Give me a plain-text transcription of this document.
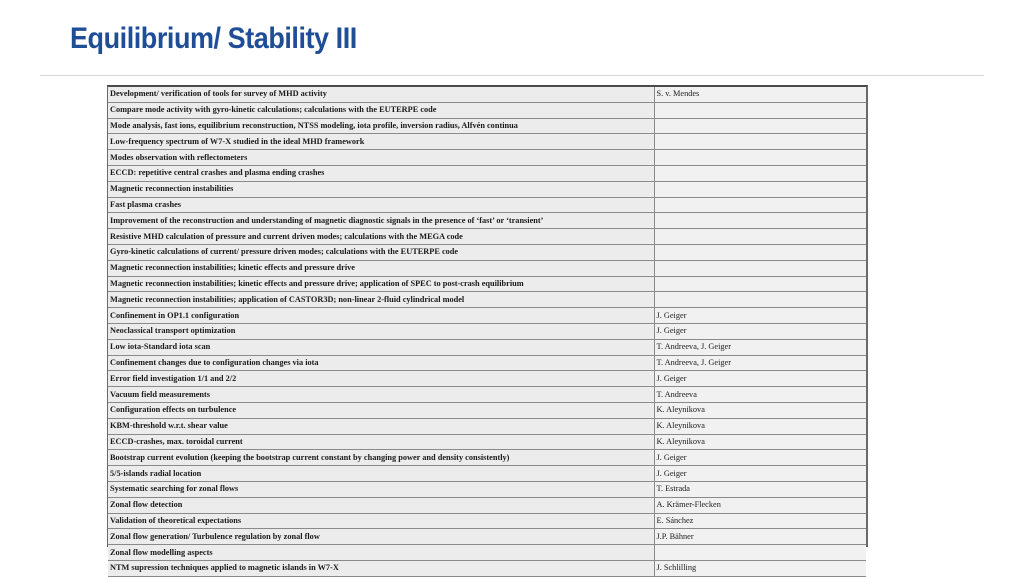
Equilibrium/ Stability III
Development/ verification of tools for survey of MHD activity	S. v. Mendes
Compare mode activity with gyro-kinetic calculations; calculations with the EUTERPE code	
Mode analysis, fast ions, equilibrium reconstruction, NTSS modeling, iota profile, inversion radius, Alfvén continua	
Low-frequency spectrum of W7-X studied in the ideal MHD framework	
Modes observation with reflectometers	
ECCD: repetitive central crashes and plasma ending crashes	
Magnetic reconnection instabilities	
Fast plasma crashes	
Improvement of the reconstruction and understanding of magnetic diagnostic signals in the presence of ‘fast’ or ‘transient’	
Resistive MHD calculation of pressure and current driven modes; calculations with the MEGA code	
Gyro-kinetic calculations of current/ pressure driven modes; calculations with the EUTERPE code	
Magnetic reconnection instabilities; kinetic effects and pressure drive	
Magnetic reconnection instabilities; kinetic effects and pressure drive; application of SPEC to post-crash equilibrium	
Magnetic reconnection instabilities; application of CASTOR3D; non-linear 2-fluid cylindrical model	
Confinement in OP1.1 configuration	J. Geiger
Neoclassical transport optimization	J. Geiger
Low iota-Standard iota scan	T. Andreeva, J. Geiger
Confinement changes due to configuration changes via iota	T. Andreeva, J. Geiger
Error field investigation 1/1 and 2/2	J. Geiger
Vacuum field measurements	T. Andreeva
Configuration effects on turbulence	K. Aleynikova
KBM-threshold w.r.t. shear value	K. Aleynikova
ECCD-crashes, max. toroidal current	K. Aleynikova
Bootstrap current evolution (keeping the bootstrap current constant by changing power and density consistently)	J. Geiger
5/5-islands radial location	J. Geiger
Systematic searching for zonal flows	T. Estrada
Zonal flow detection	A. Krämer-Flecken
Validation of theoretical expectations	E. Sánchez
Zonal flow generation/ Turbulence regulation by zonal flow	J.P. Bähner
Zonal flow modelling aspects	
NTM supression techniques applied to magnetic islands in W7-X	J. Schlilling
